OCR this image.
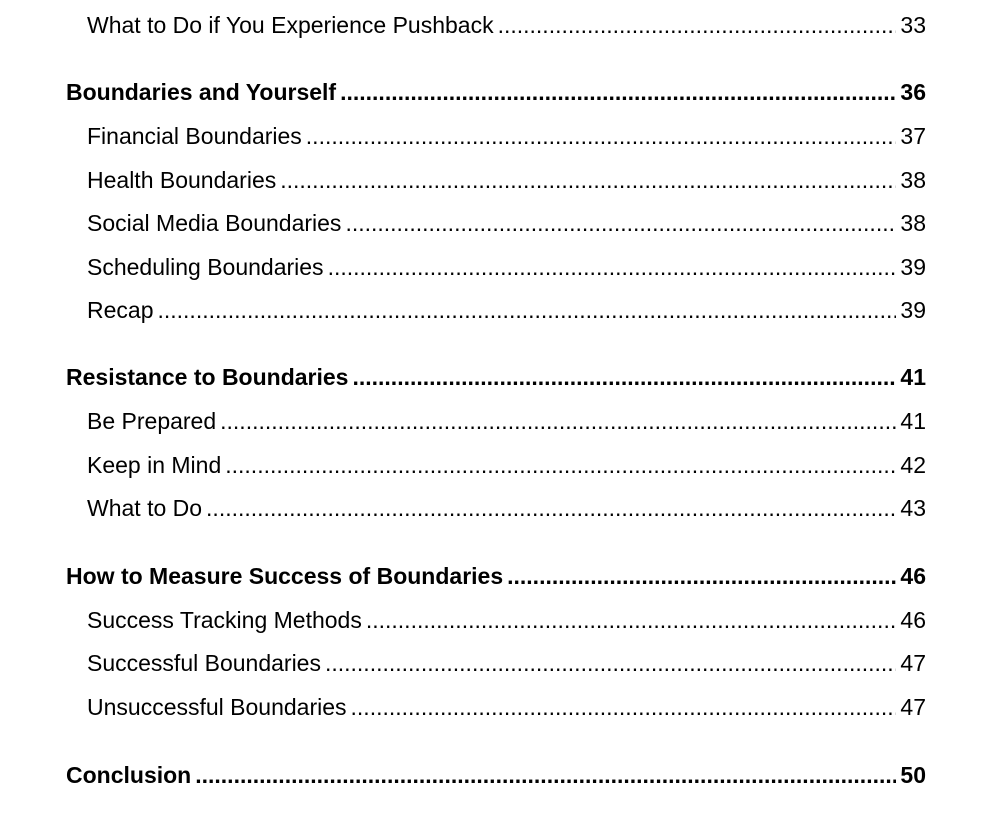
What to Do if You Experience Pushback .....	33
Boundaries and Yourself .....	36
Financial Boundaries .....	37
Health Boundaries .....	38
Social Media Boundaries .....	38
Scheduling Boundaries .....	39
Recap .....	39
Resistance to Boundaries .....	41
Be Prepared .....	41
Keep in Mind .....	42
What to Do .....	43
How to Measure Success of Boundaries .....	46
Success Tracking Methods .....	46
Successful Boundaries .....	47
Unsuccessful Boundaries .....	47
Conclusion .....	50
